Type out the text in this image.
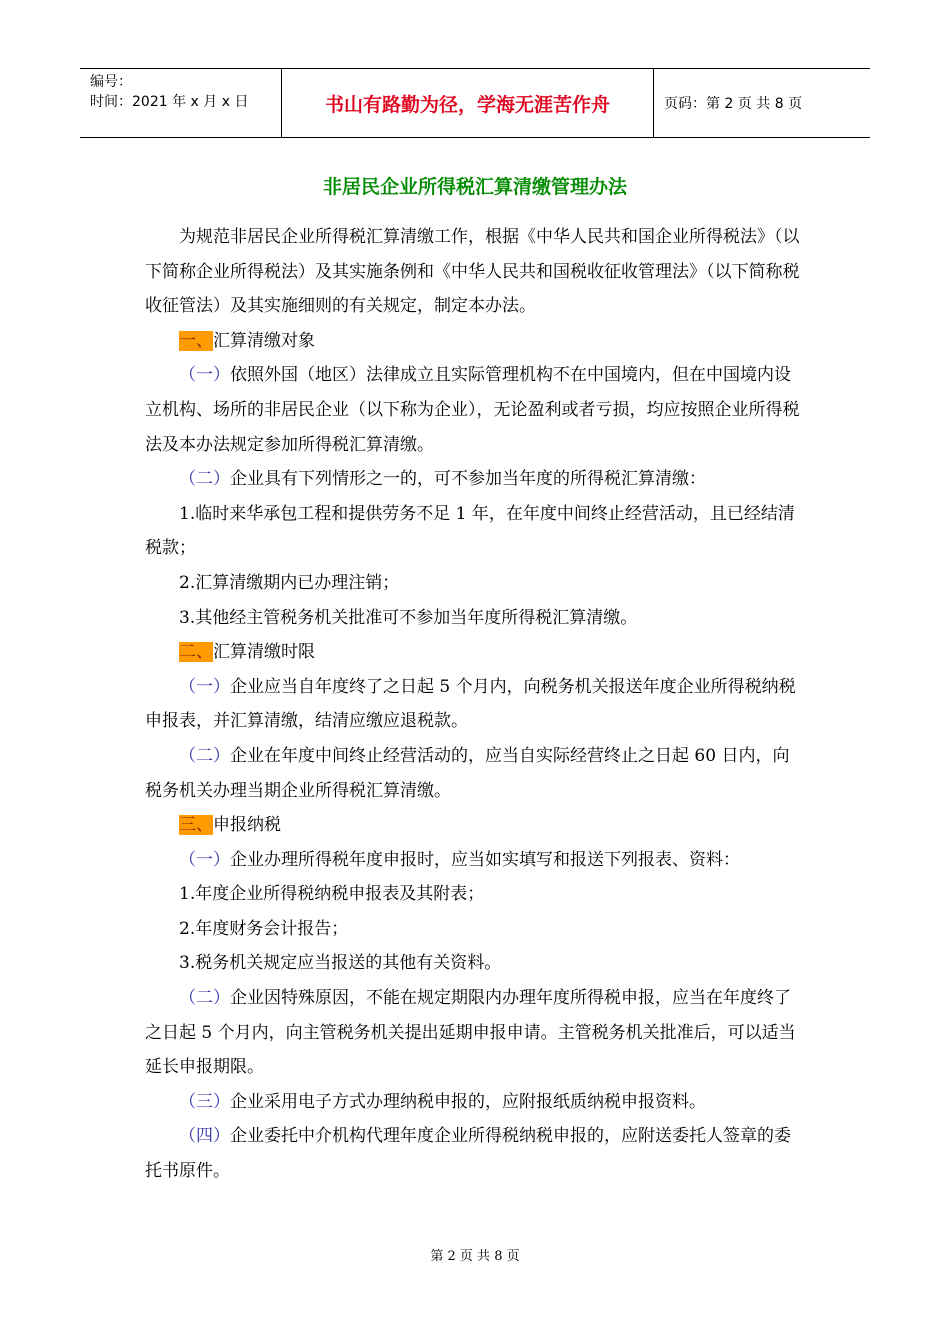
编号：
时间：2021 年 x 月 x 日	书山有路勤为径，学海无涯苦作舟	页码：第 2 页 共 8 页
非居民企业所得税汇算清缴管理办法

为规范非居民企业所得税汇算清缴工作，根据《中华人民共和国企业所得税法》（以下简称企业所得税法）及其实施条例和《中华人民共和国税收征收管理法》（以下简称税收征管法）及其实施细则的有关规定，制定本办法。

一、汇算清缴对象

（一）依照外国（地区）法律成立且实际管理机构不在中国境内，但在中国境内设立机构、场所的非居民企业（以下称为企业），无论盈利或者亏损，均应按照企业所得税法及本办法规定参加所得税汇算清缴。

（二）企业具有下列情形之一的，可不参加当年度的所得税汇算清缴：

1.临时来华承包工程和提供劳务不足 1 年，在年度中间终止经营活动，且已经结清税款；

2.汇算清缴期内已办理注销；

3.其他经主管税务机关批准可不参加当年度所得税汇算清缴。

二、汇算清缴时限

（一）企业应当自年度终了之日起 5 个月内，向税务机关报送年度企业所得税纳税申报表，并汇算清缴，结清应缴应退税款。

（二）企业在年度中间终止经营活动的，应当自实际经营终止之日起 60 日内，向税务机关办理当期企业所得税汇算清缴。

三、申报纳税

（一）企业办理所得税年度申报时，应当如实填写和报送下列报表、资料：

1.年度企业所得税纳税申报表及其附表；

2.年度财务会计报告；

3.税务机关规定应当报送的其他有关资料。

（二）企业因特殊原因，不能在规定期限内办理年度所得税申报，应当在年度终了之日起 5 个月内，向主管税务机关提出延期申报申请。主管税务机关批准后，可以适当延长申报期限。

（三）企业采用电子方式办理纳税申报的，应附报纸质纳税申报资料。

（四）企业委托中介机构代理年度企业所得税纳税申报的，应附送委托人签章的委托书原件。

第 2 页 共 8 页
